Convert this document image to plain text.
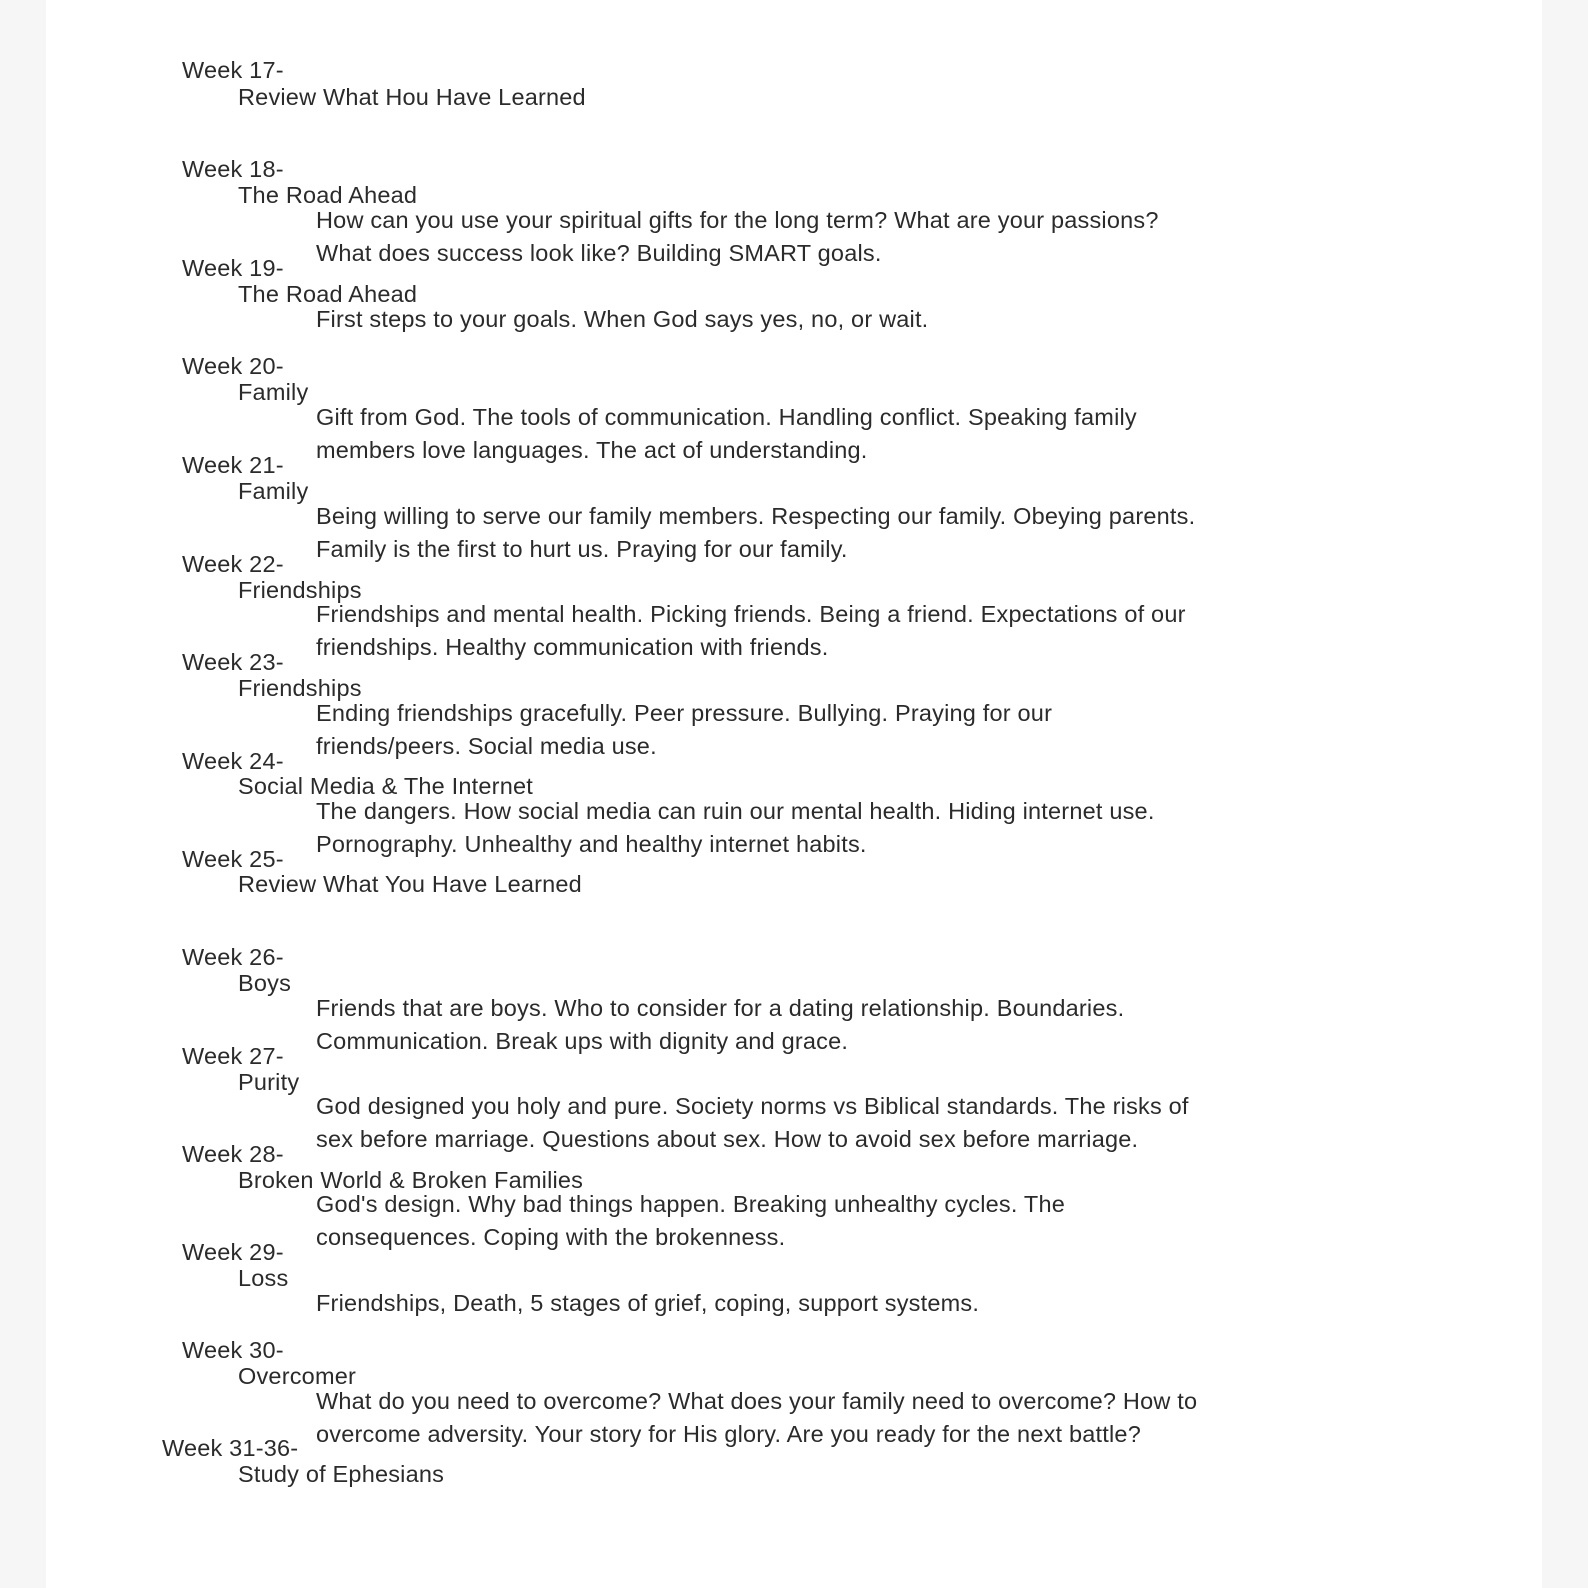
Week 17-
Review What Hou Have Learned
Week 18-
The Road Ahead
How can you use your spiritual gifts for the long term? What are your passions?
What does success look like? Building SMART goals.
Week 19-
The Road Ahead
First steps to your goals. When God says yes, no, or wait.
Week 20-
Family
Gift from God. The tools of communication. Handling conflict. Speaking family
members love languages. The act of understanding.
Week 21-
Family
Being willing to serve our family members. Respecting our family. Obeying parents.
Family is the first to hurt us. Praying for our family.
Week 22-
Friendships
Friendships and mental health. Picking friends. Being a friend. Expectations of our
friendships. Healthy communication with friends.
Week 23-
Friendships
Ending friendships gracefully. Peer pressure. Bullying. Praying for our
friends/peers. Social media use.
Week 24-
Social Media & The Internet
The dangers. How social media can ruin our mental health. Hiding internet use.
Pornography. Unhealthy and healthy internet habits.
Week 25-
Review What You Have Learned
Week 26-
Boys
Friends that are boys. Who to consider for a dating relationship. Boundaries.
Communication. Break ups with dignity and grace.
Week 27-
Purity
God designed you holy and pure. Society norms vs Biblical standards. The risks of
sex before marriage. Questions about sex. How to avoid sex before marriage.
Week 28-
Broken World & Broken Families
God's design. Why bad things happen. Breaking unhealthy cycles. The
consequences. Coping with the brokenness.
Week 29-
Loss
Friendships, Death, 5 stages of grief, coping, support systems.
Week 30-
Overcomer
What do you need to overcome? What does your family need to overcome? How to
overcome adversity. Your story for His glory. Are you ready for the next battle?
Week 31-36-
Study of Ephesians
